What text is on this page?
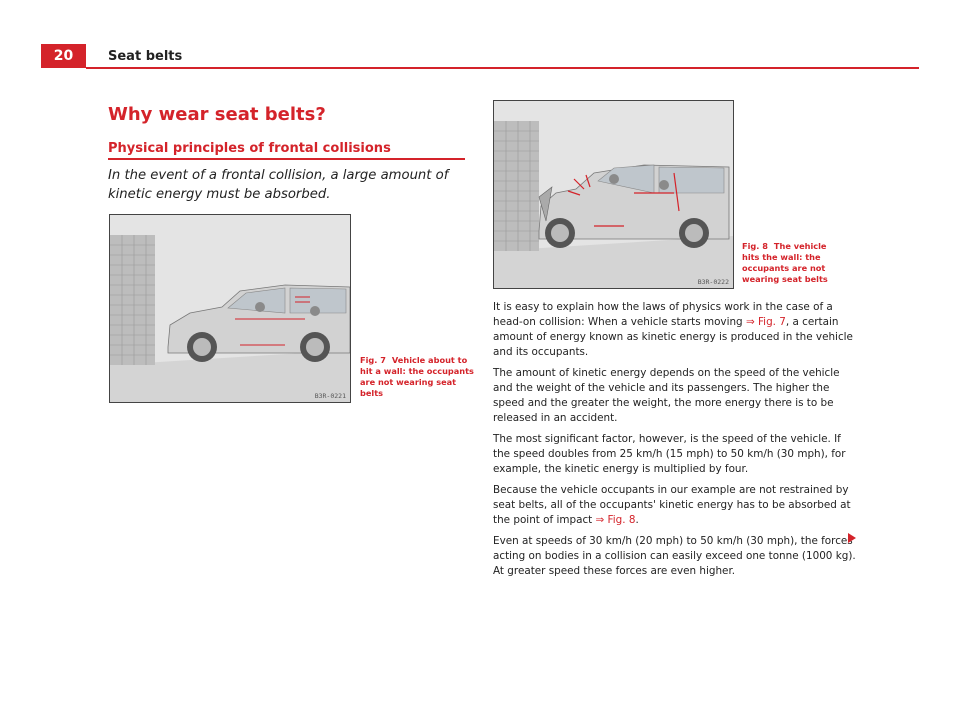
20	Seat belts
Why wear seat belts?
Physical principles of frontal collisions
In the event of a frontal collision, a large amount of kinetic energy must be absorbed.
B3R-0221
Fig. 7 Vehicle about to hit a wall: the occupants are not wearing seat belts
B3R-0222
Fig. 8 The vehicle hits the wall: the occupants are not wearing seat belts

It is easy to explain how the laws of physics work in the case of a head-on collision: When a vehicle starts moving ⇒ Fig. 7, a certain amount of energy known as kinetic energy is produced in the vehicle and its occupants.

The amount of kinetic energy depends on the speed of the vehicle and the weight of the vehicle and its passengers. The higher the speed and the greater the weight, the more energy there is to be released in an accident.

The most significant factor, however, is the speed of the vehicle. If the speed doubles from 25 km/h (15 mph) to 50 km/h (30 mph), for example, the kinetic energy is multiplied by four.

Because the vehicle occupants in our example are not restrained by seat belts, all of the occupants' kinetic energy has to be absorbed at the point of impact ⇒ Fig. 8.

Even at speeds of 30 km/h (20 mph) to 50 km/h (30 mph), the forces acting on bodies in a collision can easily exceed one tonne (1000 kg). At greater speed these forces are even higher.
